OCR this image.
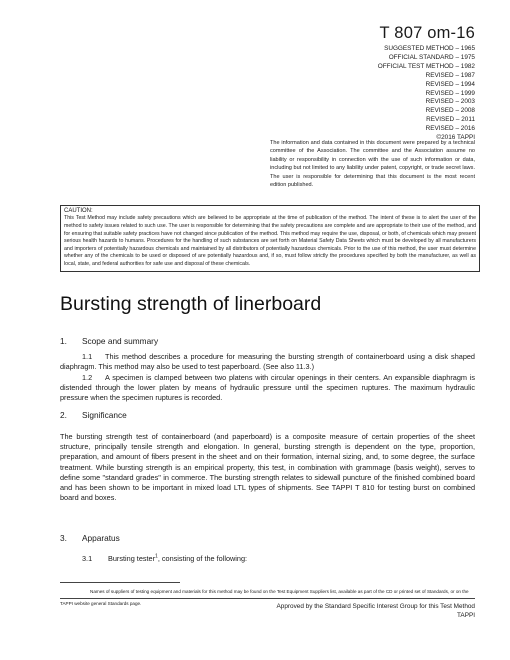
T 807 om-16
SUGGESTED METHOD – 1965
OFFICIAL STANDARD – 1975
OFFICIAL TEST METHOD – 1982
REVISED – 1987
REVISED – 1994
REVISED – 1999
REVISED – 2003
REVISED – 2008
REVISED – 2011
REVISED – 2016
©2016 TAPPI
The information and data contained in this document were prepared by a technical committee of the Association. The committee and the Association assume no liability or responsibility in connection with the use of such information or data, including but not limited to any liability under patent, copyright, or trade secret laws. The user is responsible for determining that this document is the most recent edition published.
CAUTION:
This Test Method may include safety precautions which are believed to be appropriate at the time of publication of the method. The intent of these is to alert the user of the method to safety issues related to such use. The user is responsible for determining that the safety precautions are complete and are appropriate to their use of the method, and for ensuring that suitable safety practices have not changed since publication of the method. This method may require the use, disposal, or both, of chemicals which may present serious health hazards to humans. Procedures for the handling of such substances are set forth on Material Safety Data Sheets which must be developed by all manufacturers and importers of potentially hazardous chemicals and maintained by all distributors of potentially hazardous chemicals. Prior to the use of this method, the user must determine whether any of the chemicals to be used or disposed of are potentially hazardous and, if so, must follow strictly the procedures specified by both the manufacturer, as well as local, state, and federal authorities for safe use and disposal of these chemicals.
Bursting strength of linerboard
1. Scope and summary
1.1 This method describes a procedure for measuring the bursting strength of containerboard using a disk shaped diaphragm. This method may also be used to test paperboard. (See also 11.3.)
1.2 A specimen is clamped between two platens with circular openings in their centers. An expansible diaphragm is distended through the lower platen by means of hydraulic pressure until the specimen ruptures. The maximum hydraulic pressure when the specimen ruptures is recorded.
2. Significance
The bursting strength test of containerboard (and paperboard) is a composite measure of certain properties of the sheet structure, principally tensile strength and elongation. In general, bursting strength is dependent on the type, proportion, preparation, and amount of fibers present in the sheet and on their formation, internal sizing, and, to some degree, the surface treatment. While bursting strength is an empirical property, this test, in combination with grammage (basis weight), serves to define some "standard grades" in commerce. The bursting strength relates to sidewall puncture of the finished combined board and has been shown to be important in mixed load LTL types of shipments. See TAPPI T 810 for testing burst on combined board and boxes.
3. Apparatus
3.1 Bursting tester$^1$, consisting of the following:
Names of suppliers of testing equipment and materials for this method may be found on the Test Equipment Suppliers list, available as part of the CD or printed set of Standards, or on the TAPPI website general Standards page.	Approved by the Standard Specific Interest Group for this Test Method
TAPPI
